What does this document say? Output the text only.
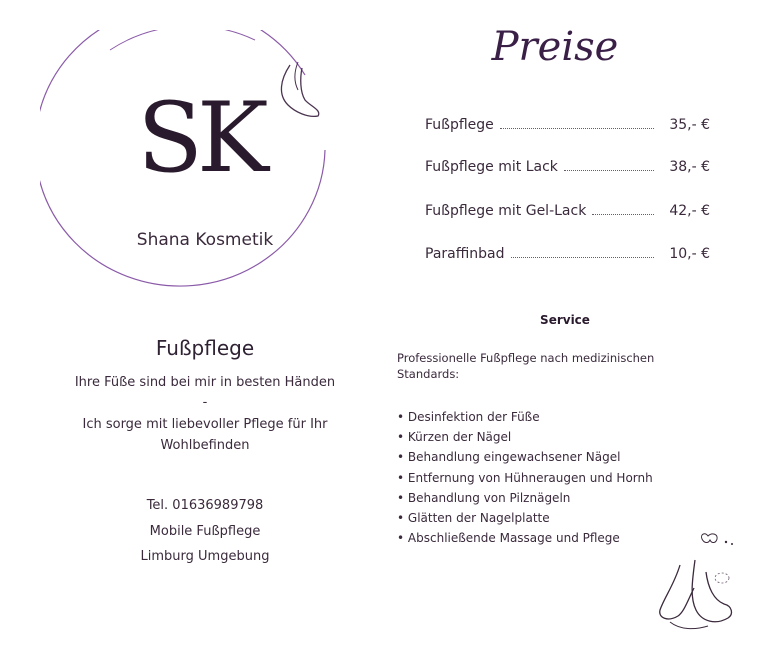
SK
Shana Kosmetik
Fußpflege
Ihre Füße sind bei mir in besten Händen
-
Ich sorge mit liebevoller Pflege für Ihr
Wohlbefinden
Tel. 01636989798
Mobile Fußpflege
Limburg Umgebung
Preise
Fußpflege	35,- €
Fußpflege mit Lack	38,- €
Fußpflege mit Gel-Lack	42,- €
Paraffinbad	10,- €
Service
Professionelle Fußpflege nach medizinischen Standards:
• Desinfektion der Füße
• Kürzen der Nägel
• Behandlung eingewachsener Nägel
• Entfernung von Hühneraugen und Hornh
• Behandlung von Pilznägeln
• Glätten der Nagelplatte
• Abschließende Massage und Pflege
